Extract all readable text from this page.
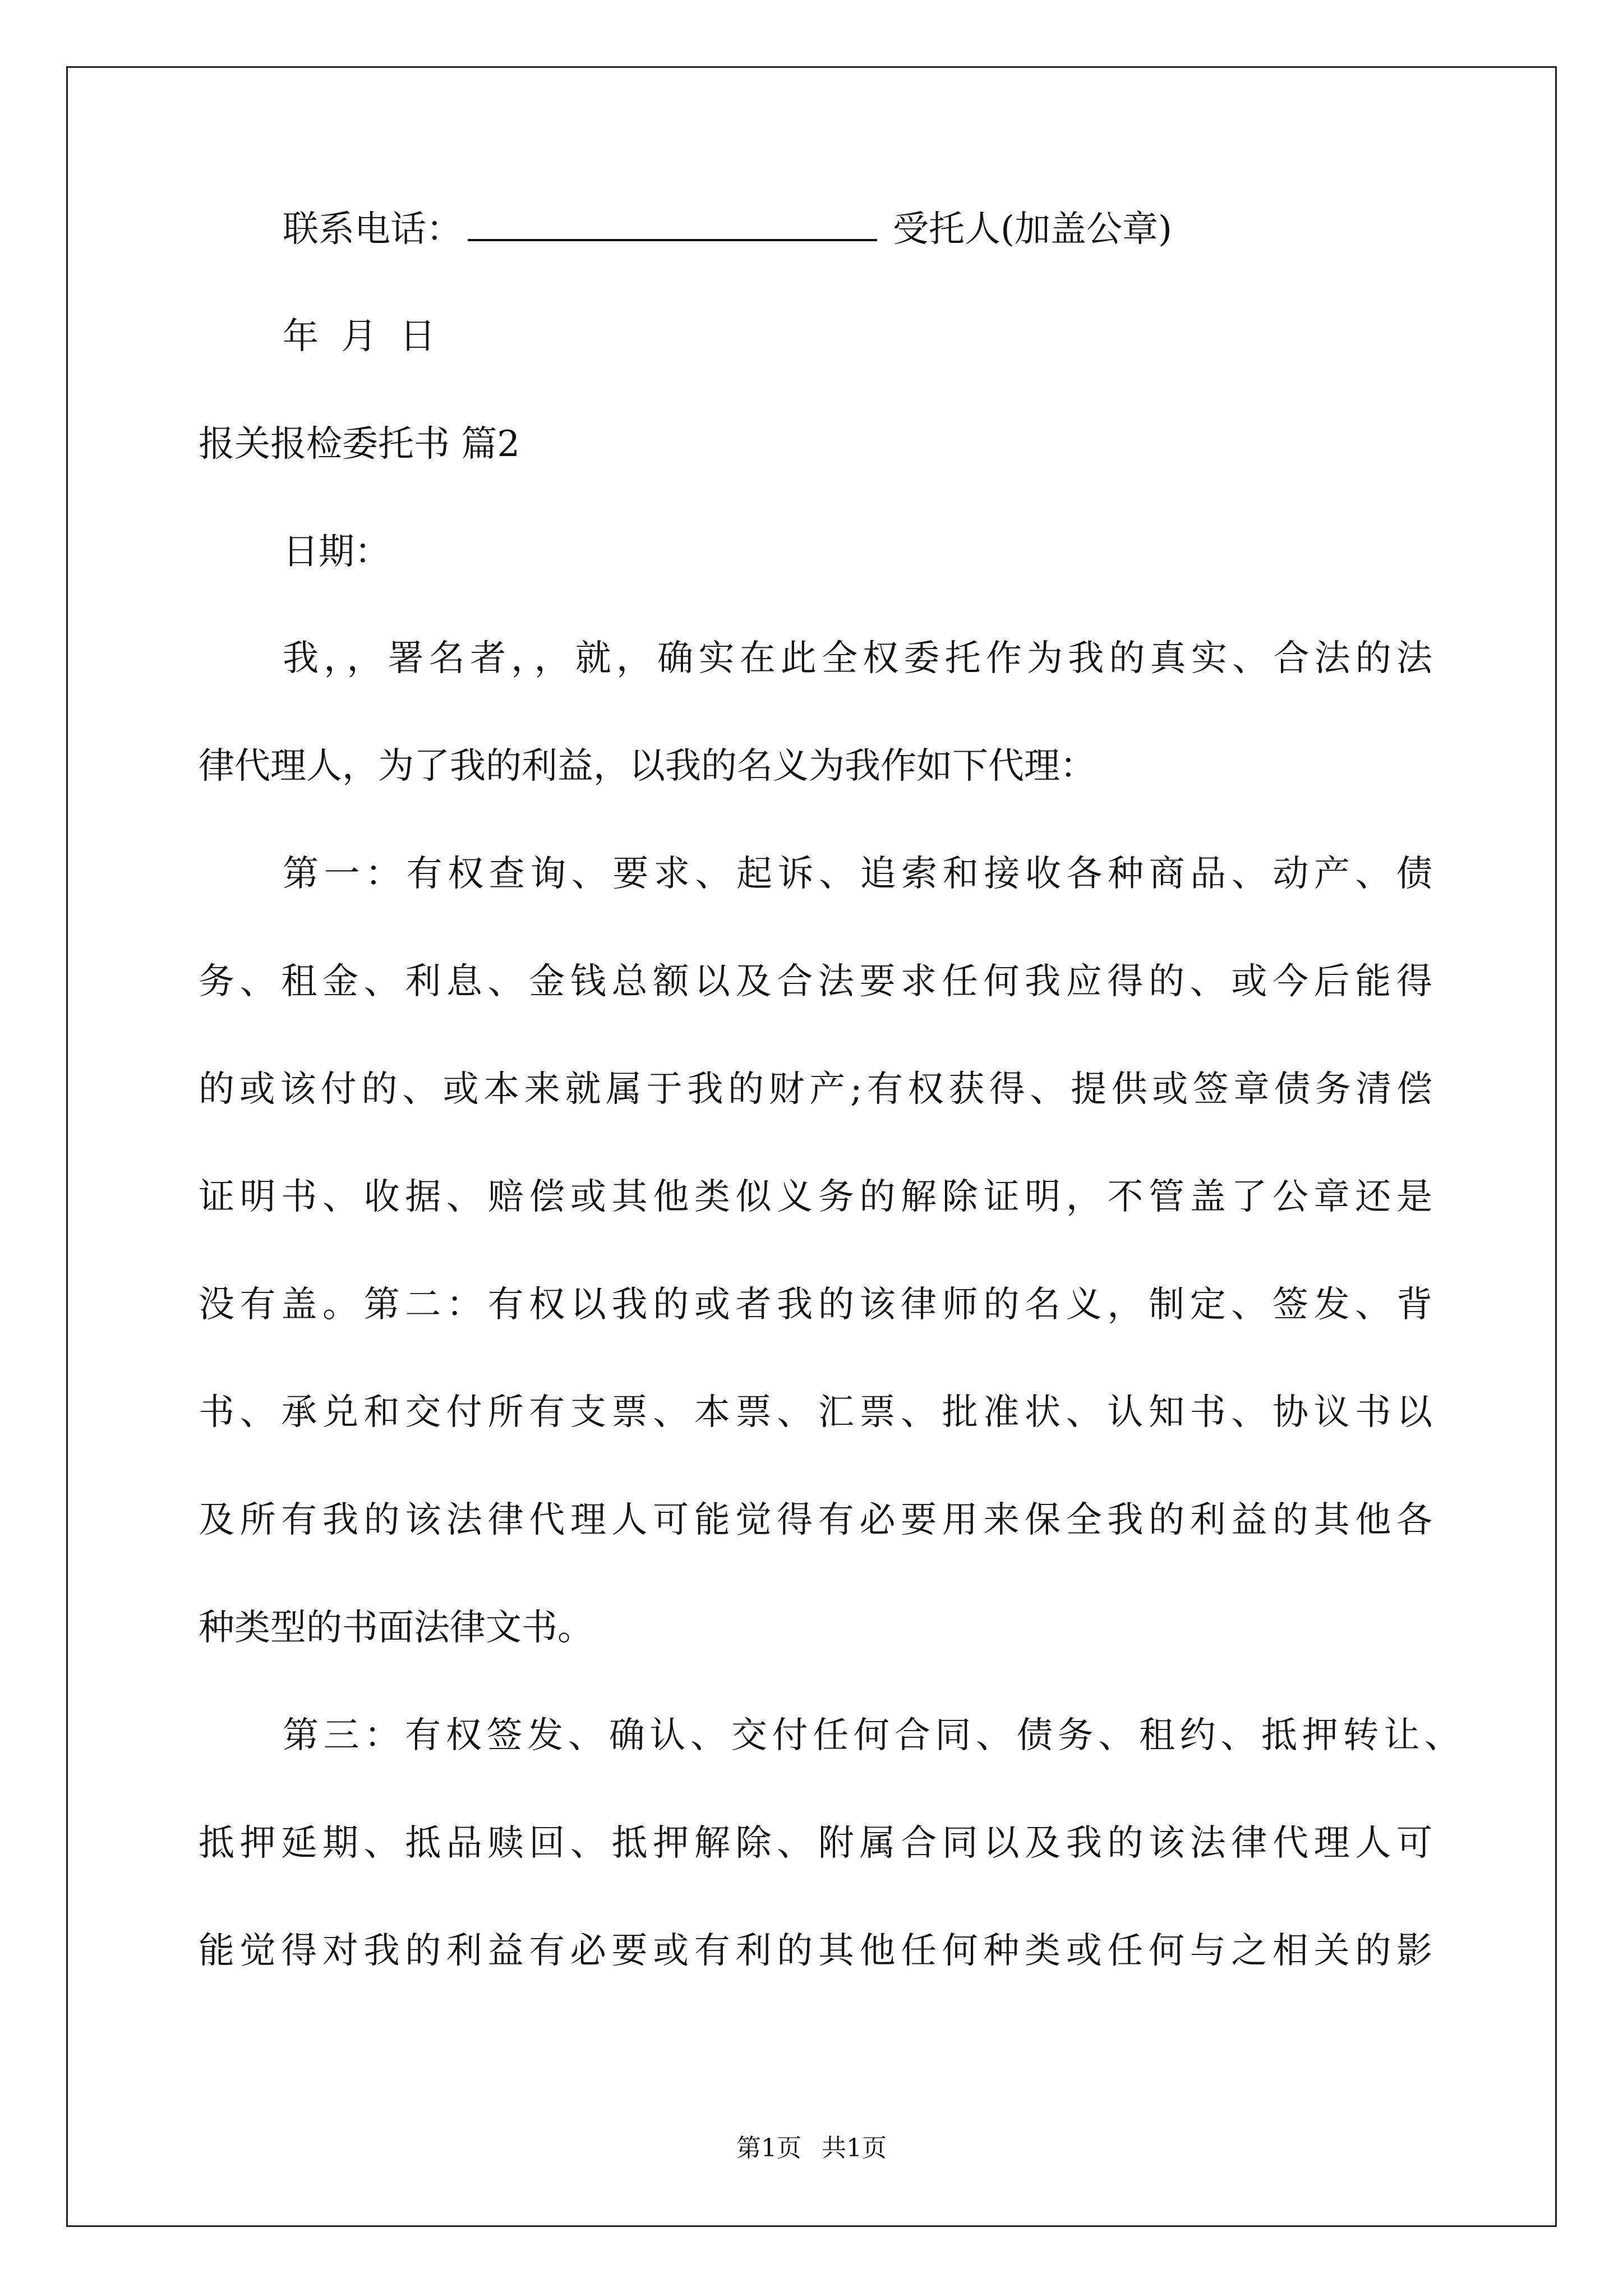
联系电话：	受托人(加盖公章)
年 月 日
报关报检委托书 篇2
日期：
我，，署名者，，就，确实在此全权委托作为我的真实、合法的法
律代理人，为了我的利益，以我的名义为我作如下代理：
第一：有权查询、要求、起诉、追索和接收各种商品、动产、债
务、租金、利息、金钱总额以及合法要求任何我应得的、或今后能得
的或该付的、或本来就属于我的财产;有权获得、提供或签章债务清偿
证明书、收据、赔偿或其他类似义务的解除证明，不管盖了公章还是
没有盖。第二：有权以我的或者我的该律师的名义，制定、签发、背
书、承兑和交付所有支票、本票、汇票、批准状、认知书、协议书以
及所有我的该法律代理人可能觉得有必要用来保全我的利益的其他各
种类型的书面法律文书。
第三：有权签发、确认、交付任何合同、债务、租约、抵押转让、
抵押延期、抵品赎回、抵押解除、附属合同以及我的该法律代理人可
能觉得对我的利益有必要或有利的其他任何种类或任何与之相关的影
第1页 共1页
